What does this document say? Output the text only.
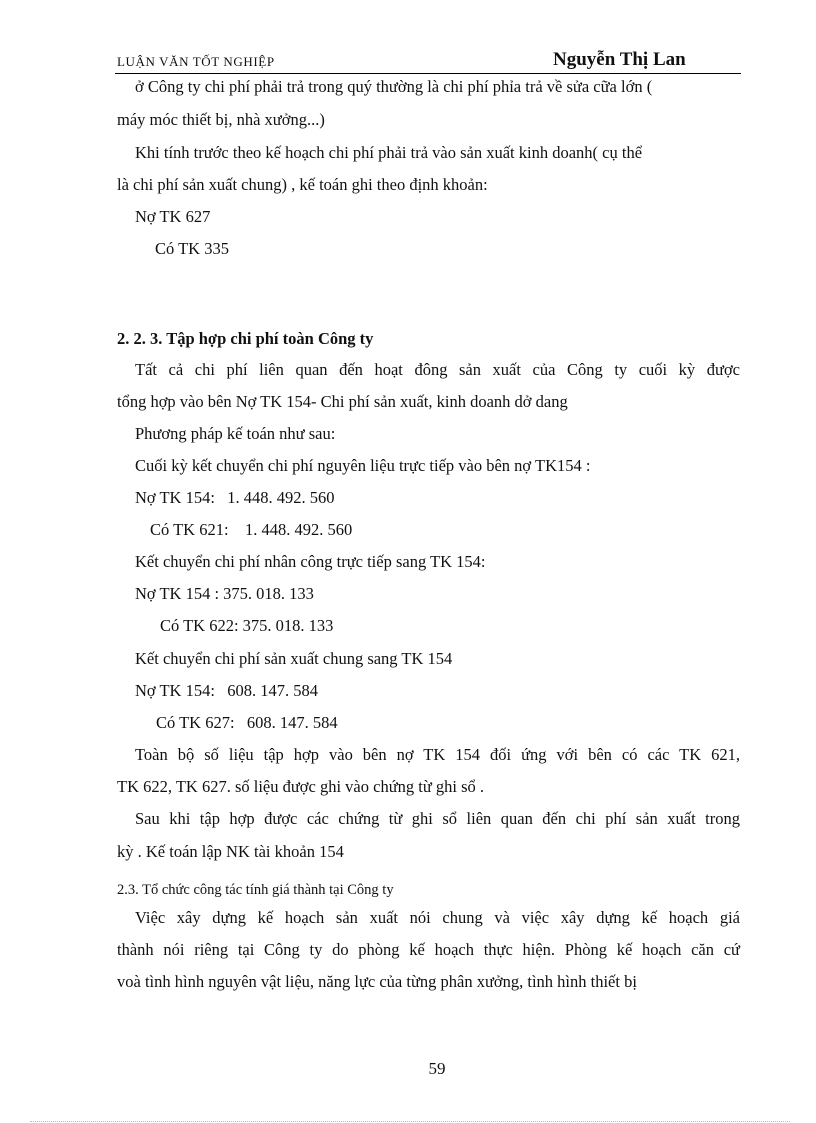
LUẬN VĂN TỐT NGHIỆP	Nguyễn Thị Lan
ở Công ty chi phí phải trả trong quý thường là chi phí phỉa trả về sửa cữa lớn (
máy móc thiết bị, nhà xưởng...)
Khi tính trước theo kế hoạch chi phí phải trả vào sản xuất kinh doanh( cụ thể
là chi phí sản xuất chung) , kế toán ghi theo định khoản:
Nợ TK 627
Có TK 335
2. 2. 3. Tập hợp chi phí toàn Công ty
Tất cả chi phí liên quan đến hoạt đông sản xuất của Công ty cuối kỳ được
tổng hợp vào bên Nợ TK 154- Chi phí sản xuất, kinh doanh dở dang
Phương pháp kế toán như sau:
Cuối kỳ kết chuyển chi phí nguyên liệu trực tiếp vào bên nợ TK154 :
Nợ TK 154:   1. 448. 492. 560
Có TK 621:    1. 448. 492. 560
Kết chuyển chi phí nhân công trực tiếp sang TK 154:
Nợ TK 154 : 375. 018. 133
Có TK 622: 375. 018. 133
Kết chuyển chi phí sản xuất chung sang TK 154
Nợ TK 154:   608. 147. 584
Có TK 627:   608. 147. 584
Toàn bộ số liệu tập hợp vào bên nợ TK 154 đối ứng với bên có các TK 621,
TK 622, TK 627. số liệu được ghi vào chứng từ ghi sổ .
Sau khi tập hợp được các chứng từ ghi sổ liên quan đến chi phí sản xuất trong
kỳ . Kế toán lập NK tài khoản 154
2.3. Tổ chức công tác tính giá thành tại Công ty
Việc xây dựng kế hoạch sản xuất nói chung và việc xây dựng kế hoạch giá
thành nói riêng tại Công ty do phòng kế hoạch thực hiện. Phòng kế hoạch căn cứ
voà tình hình nguyên vật liệu, năng lực của từng phân xưởng, tình hình thiết bị
59
